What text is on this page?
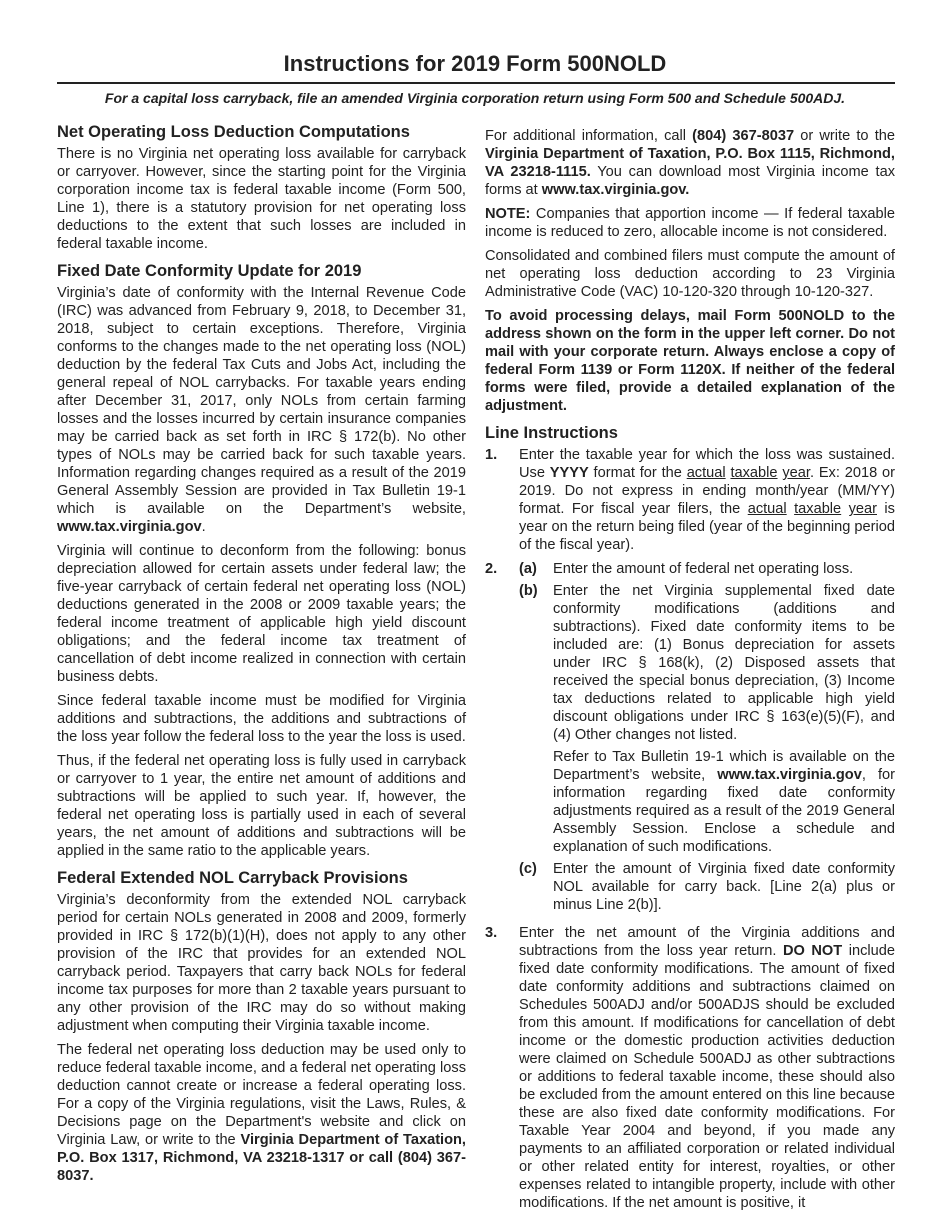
Instructions for 2019 Form 500NOLD
For a capital loss carryback, file an amended Virginia corporation return using Form 500 and Schedule 500ADJ.
Net Operating Loss Deduction Computations

There is no Virginia net operating loss available for carryback or carryover. However, since the starting point for the Virginia corporation income tax is federal taxable income (Form 500, Line 1), there is a statutory provision for net operating loss deductions to the extent that such losses are included in federal taxable income.

Fixed Date Conformity Update for 2019

Virginia’s date of conformity with the Internal Revenue Code (IRC) was advanced from February 9, 2018, to December 31, 2018, subject to certain exceptions. Therefore, Virginia conforms to the changes made to the net operating loss (NOL) deduction by the federal Tax Cuts and Jobs Act, including the general repeal of NOL carrybacks. For taxable years ending after December 31, 2017, only NOLs from certain farming losses and the losses incurred by certain insurance companies may be carried back as set forth in IRC § 172(b). No other types of NOLs may be carried back for such taxable years. Information regarding changes required as a result of the 2019 General Assembly Session are provided in Tax Bulletin 19-1 which is available on the Department’s website, www.tax.virginia.gov.

Virginia will continue to deconform from the following: bonus depreciation allowed for certain assets under federal law; the five-year carryback of certain federal net operating loss (NOL) deductions generated in the 2008 or 2009 taxable years; the federal income treatment of applicable high yield discount obligations; and the federal income tax treatment of cancellation of debt income realized in connection with certain business debts.

Since federal taxable income must be modified for Virginia additions and subtractions, the additions and subtractions of the loss year follow the federal loss to the year the loss is used.

Thus, if the federal net operating loss is fully used in carryback or carryover to 1 year, the entire net amount of additions and subtractions will be applied to such year. If, however, the federal net operating loss is partially used in each of several years, the net amount of additions and subtractions will be applied in the same ratio to the applicable years.

Federal Extended NOL Carryback Provisions

Virginia’s deconformity from the extended NOL carryback period for certain NOLs generated in 2008 and 2009, formerly provided in IRC § 172(b)(1)(H), does not apply to any other provision of the IRC that provides for an extended NOL carryback period. Taxpayers that carry back NOLs for federal income tax purposes for more than 2 taxable years pursuant to any other provision of the IRC may do so without making adjustment when computing their Virginia taxable income.

The federal net operating loss deduction may be used only to reduce federal taxable income, and a federal net operating loss deduction cannot create or increase a federal operating loss. For a copy of the Virginia regulations, visit the Laws, Rules, & Decisions page on the Department's website and click on Virginia Law, or write to the Virginia Department of Taxation, P.O. Box 1317, Richmond, VA 23218-1317 or call (804) 367-8037.

For additional information, call (804) 367-8037 or write to the Virginia Department of Taxation, P.O. Box 1115, Richmond, VA 23218-1115. You can download most Virginia income tax forms at www.tax.virginia.gov.

NOTE: Companies that apportion income — If federal taxable income is reduced to zero, allocable income is not considered.

Consolidated and combined filers must compute the amount of net operating loss deduction according to 23 Virginia Administrative Code (VAC) 10-120-320 through 10-120-327.

To avoid processing delays, mail Form 500NOLD to the address shown on the form in the upper left corner. Do not mail with your corporate return. Always enclose a copy of federal Form 1139 or Form 1120X. If neither of the federal forms were filed, provide a detailed explanation of the adjustment.

Line Instructions
1.	Enter the taxable year for which the loss was sustained. Use YYYY format for the actual taxable year. Ex: 2018 or 2019. Do not express in ending month/year (MM/YY) format. For fiscal year filers, the actual taxable year is year on the return being filed (year of the beginning period of the fiscal year).
2.	(a)	Enter the amount of federal net operating loss.
(b)	Enter the net Virginia supplemental fixed date conformity modifications (additions and subtractions). Fixed date conformity items to be included are: (1) Bonus depreciation for assets under IRC § 168(k), (2) Disposed assets that received the special bonus depreciation, (3) Income tax deductions related to applicable high yield discount obligations under IRC § 163(e)(5)(F), and (4) Other changes not listed.
Refer to Tax Bulletin 19-1 which is available on the Department’s website, www.tax.virginia.gov, for information regarding fixed date conformity adjustments required as a result of the 2019 General Assembly Session. Enclose a schedule and explanation of such modifications.
(c)	Enter the amount of Virginia fixed date conformity NOL available for carry back. [Line 2(a) plus or minus Line 2(b)].
3.	Enter the net amount of the Virginia additions and subtractions from the loss year return. DO NOT include fixed date conformity modifications. The amount of fixed date conformity additions and subtractions claimed on Schedules 500ADJ and/or 500ADJS should be excluded from this amount. If modifications for cancellation of debt income or the domestic production activities deduction were claimed on Schedule 500ADJ as other subtractions or additions to federal taxable income, these should also be excluded from the amount entered on this line because these are also fixed date conformity modifications. For Taxable Year 2004 and beyond, if you made any payments to an affiliated corporation or related individual or other related entity for interest, royalties, or other expenses related to intangible property, include with other modifications. If the net amount is positive, it
